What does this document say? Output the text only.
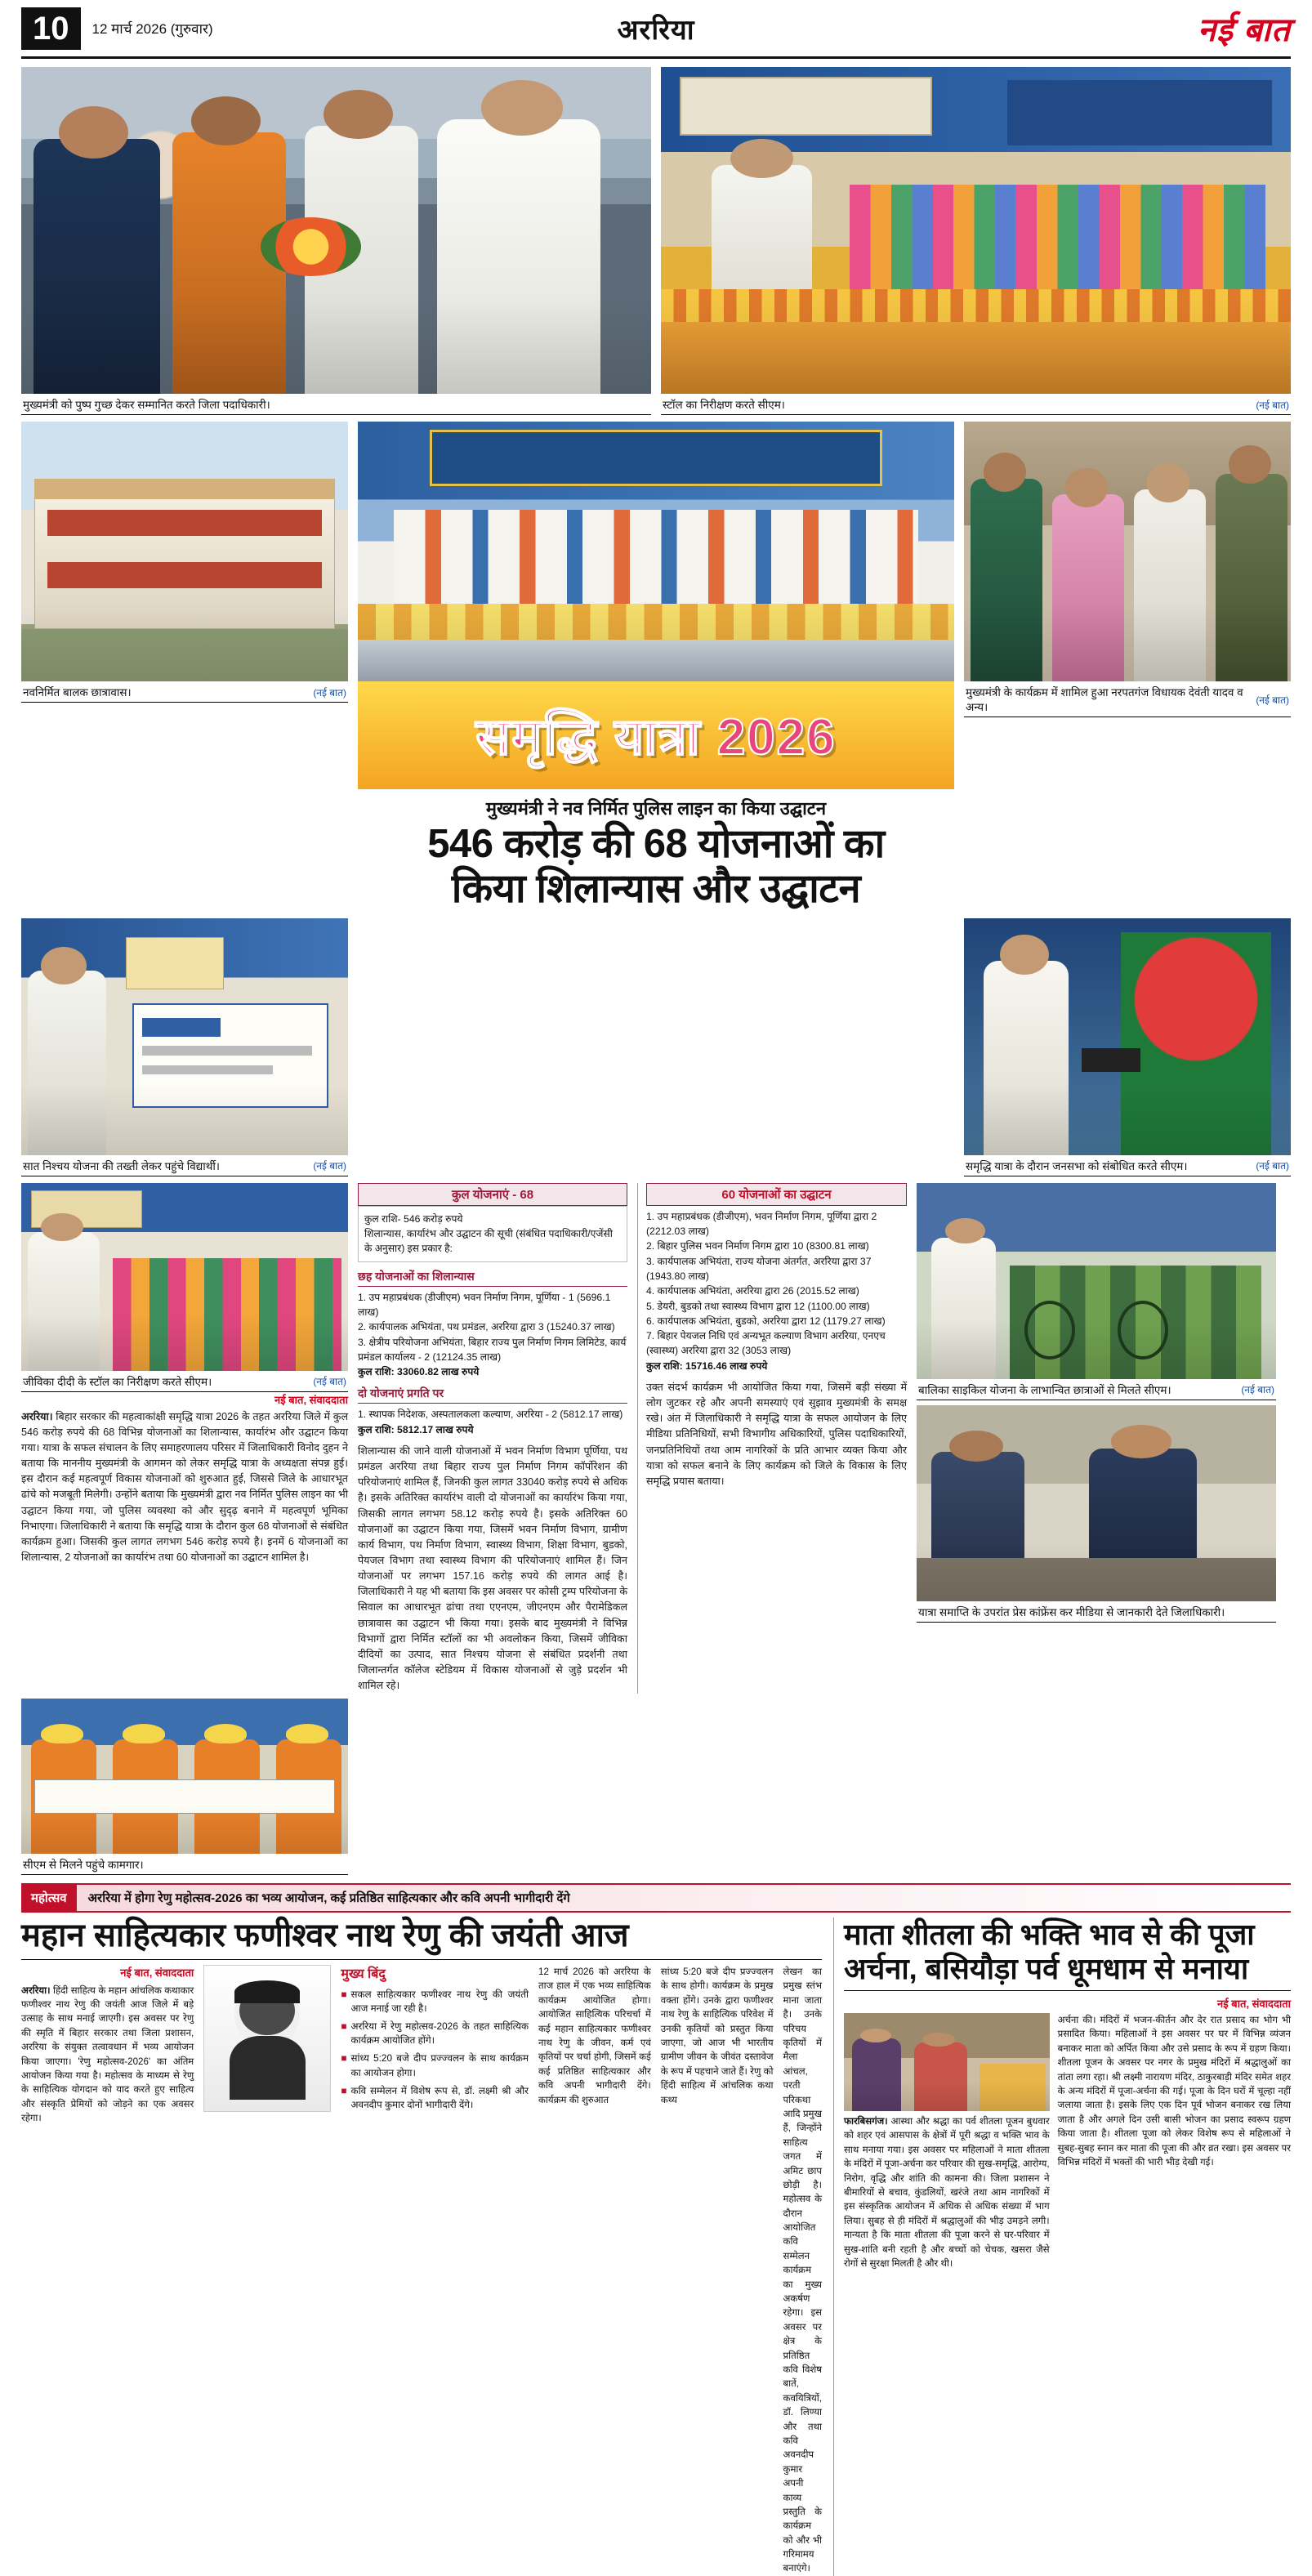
10	12 मार्च 2026 (गुरुवार)	अररिया	नई बात
मुख्यमंत्री को पुष्प गुच्छ देकर सम्मानित करते जिला पदाधिकारी।	स्टॉल का निरीक्षण करते सीएम।	(नई बात)
नवनिर्मित बालक छात्रावास।	(नई बात)
समृद्धि यात्रा 2026
मुख्यमंत्री ने नव निर्मित पुलिस लाइन का किया उद्घाटन
546 करोड़ की 68 योजनाओं का
किया शिलान्यास और उद्घाटन
मुख्यमंत्री के कार्यक्रम में शामिल हुआ नरपतगंज विधायक देवंती यादव व अन्य।
(नई बात)
सात निश्चय योजना की तख्ती लेकर पहुंचे विद्यार्थी।	(नई बात)	समृद्धि यात्रा के दौरान जनसभा को संबोधित करते सीएम।	(नई बात)
जीविका दीदी के स्टॉल का निरीक्षण करते सीएम।	(नई बात)
नई बात, संवाददाता
अररिया। बिहार सरकार की महत्वाकांक्षी समृद्धि यात्रा 2026 के तहत अररिया जिले में कुल 546 करोड़ रुपये की 68 विभिन्न योजनाओं का शिलान्यास, कार्यारंभ और उद्घाटन किया गया। यात्रा के सफल संचालन के लिए समाहरणालय परिसर में जिलाधिकारी विनोद दुहन ने बताया कि माननीय मुख्यमंत्री के आगमन को लेकर समृद्धि यात्रा के अध्यक्षता संपन्न हुई। इस दौरान कई महत्वपूर्ण विकास योजनाओं को शुरुआत हुई, जिससे जिले के आधारभूत ढांचे को मजबूती मिलेगी। उन्होंने बताया कि मुख्यमंत्री द्वारा नव निर्मित पुलिस लाइन का भी उद्घाटन किया गया, जो पुलिस व्यवस्था को और सुदृढ़ बनाने में महत्वपूर्ण भूमिका निभाएगा। जिलाधिकारी ने बताया कि समृद्धि यात्रा के दौरान कुल 68 योजनाओं से संबंधित कार्यक्रम हुआ। जिसकी कुल लागत लगभग 546 करोड़ रुपये है। इनमें 6 योजनाओं का शिलान्यास, 2 योजनाओं का कार्यारंभ तथा 60 योजनाओं का उद्घाटन शामिल है।
कुल योजनाएं - 68
कुल राशि- 546 करोड़ रुपये
शिलान्यास, कार्यारंभ और उद्घाटन की सूची (संबंधित पदाधिकारी/एजेंसी के अनुसार) इस प्रकार है:
छह योजनाओं का शिलान्यास
1. उप महाप्रबंधक (डीजीएम) भवन निर्माण निगम, पूर्णिया - 1 (5696.1 लाख)
2. कार्यपालक अभियंता, पथ प्रमंडल, अररिया द्वारा 3 (15240.37 लाख)
3. क्षेत्रीय परियोजना अभियंता, बिहार राज्य पुल निर्माण निगम लिमिटेड, कार्य प्रमंडल कार्यालय - 2 (12124.35 लाख)
कुल राशि: 33060.82 लाख रुपये
दो योजनाएं प्रगति पर
1. स्थापक निदेशक, अस्पतालकला कल्याण, अररिया - 2 (5812.17 लाख)
कुल राशि: 5812.17 लाख रुपये
शिलान्यास की जाने वाली योजनाओं में भवन निर्माण विभाग पूर्णिया, पथ प्रमंडल अररिया तथा बिहार राज्य पुल निर्माण निगम कॉर्पोरेशन की परियोजनाएं शामिल हैं, जिनकी कुल लागत 33040 करोड़ रुपये से अधिक है। इसके अतिरिक्त कार्यारंभ वाली दो योजनाओं का कार्यारंभ किया गया, जिसकी लागत लगभग 58.12 करोड़ रुपये है। इसके अतिरिक्त 60 योजनाओं का उद्घाटन किया गया, जिसमें भवन निर्माण विभाग, ग्रामीण कार्य विभाग, पथ निर्माण विभाग, स्वास्थ्य विभाग, शिक्षा विभाग, बुडको, पेयजल विभाग तथा स्वास्थ्य विभाग की परियोजनाएं शामिल हैं। जिन योजनाओं पर लगभग 157.16 करोड़ रुपये की लागत आई है। जिलाधिकारी ने यह भी बताया कि इस अवसर पर कोसी ट्रम्प परियोजना के सिवाल का आधारभूत ढांचा तथा एएनएम, जीएनएम और पैरामेडिकल छात्रावास का उद्घाटन भी किया गया। इसके बाद मुख्यमंत्री ने विभिन्न विभागों द्वारा निर्मित स्टॉलों का भी अवलोकन किया, जिसमें जीविका दीदियों का उत्पाद, सात निश्चय योजना से संबंधित प्रदर्शनी तथा जिलान्तर्गत कॉलेज स्टेडियम में विकास योजनाओं से जुड़े प्रदर्शन भी शामिल रहे।
60 योजनाओं का उद्घाटन
1. उप महाप्रबंधक (डीजीएम), भवन निर्माण निगम, पूर्णिया द्वारा 2 (2212.03 लाख)
2. बिहार पुलिस भवन निर्माण निगम द्वारा 10 (8300.81 लाख)
3. कार्यपालक अभियंता, राज्य योजना अंतर्गत, अररिया द्वारा 37 (1943.80 लाख)
4. कार्यपालक अभियंता, अररिया द्वारा 26 (2015.52 लाख)
5. डेयरी, बुडको तथा स्वास्थ्य विभाग द्वारा 12 (1100.00 लाख)
6. कार्यपालक अभियंता, बुडको, अररिया द्वारा 12 (1179.27 लाख)
7. बिहार पेयजल निधि एवं अन्यभूत कल्याण विभाग अररिया, एनएच (स्वास्थ्य) अररिया द्वारा 32 (3053 लाख)
कुल राशि: 15716.46 लाख रुपये
उक्त संदर्भ कार्यक्रम भी आयोजित किया गया, जिसमें बड़ी संख्या में लोग जुटकर रहे और अपनी समस्याएं एवं सुझाव मुख्यमंत्री के समक्ष रखे। अंत में जिलाधिकारी ने समृद्धि यात्रा के सफल आयोजन के लिए मीडिया प्रतिनिधियों, सभी विभागीय अधिकारियों, पुलिस पदाधिकारियों, जनप्रतिनिधियों तथा आम नागरिकों के प्रति आभार व्यक्त किया और यात्रा को सफल बनाने के लिए कार्यक्रम को जिले के विकास के लिए समृद्धि प्रयास बताया।
बालिका साइकिल योजना के लाभान्वित छात्राओं से मिलते सीएम।	(नई बात)
यात्रा समाप्ति के उपरांत प्रेस कांफ्रेंस कर मीडिया से जानकारी देते जिलाधिकारी।
सीएम से मिलने पहुंचे कामगार।
महोत्सव	अररिया में होगा रेणु महोत्सव-2026 का भव्य आयोजन, कई प्रतिष्ठित साहित्यकार और कवि अपनी भागीदारी देंगे
महान साहित्यकार फणीश्वर नाथ रेणु की जयंती आज
नई बात, संवाददाता
अररिया। हिंदी साहित्य के महान आंचलिक कथाकार फणीश्वर नाथ रेणु की जयंती आज जिले में बड़े उत्साह के साथ मनाई जाएगी। इस अवसर पर रेणु की स्मृति में बिहार सरकार तथा जिला प्रशासन, अररिया के संयुक्त तत्वावधान में भव्य आयोजन किया जाएगा। 'रेणु महोत्सव-2026' का अंतिम आयोजन किया गया है। महोत्सव के माध्यम से रेणु के साहित्यिक योगदान को याद करते हुए साहित्य और संस्कृति प्रेमियों को जोड़ने का एक अवसर रहेगा।
मुख्य बिंदु
■ सकल साहित्यकार फणीश्वर नाथ रेणु की जयंती आज मनाई जा रही है।
■ अररिया में रेणु महोत्सव-2026 के तहत साहित्यिक कार्यक्रम आयोजित होंगे।
■ सांध्य 5:20 बजे दीप प्रज्ज्वलन के साथ कार्यक्रम का आयोजन होगा।
■ कवि सम्मेलन में विशेष रूप से, डॉ. लक्ष्मी श्री और अवनदीप कुमार दोनों भागीदारी देंगे।
12 मार्च 2026 को अररिया के ताज हाल में एक भव्य साहित्यिक कार्यक्रम आयोजित होगा। आयोजित साहित्यिक परिचर्चा में कई महान साहित्यकार फणीश्वर नाथ रेणु के जीवन, कर्म एवं कृतियों पर चर्चा होगी, जिसमें कई कई प्रतिष्ठित साहित्यकार और कवि अपनी भागीदारी देंगे। कार्यक्रम की शुरुआत
सांध्य 5:20 बजे दीप प्रज्ज्वलन के साथ होगी। कार्यक्रम के प्रमुख वक्ता होंगे। उनके द्वारा फणीश्वर नाथ रेणु के साहित्यिक परिवेश में उनकी कृतियों को प्रस्तुत किया जाएगा, जो आज भी भारतीय ग्रामीण जीवन के जीवंत दस्तावेज के रूप में पहचाने जाते हैं। रेणु को हिंदी साहित्य में आंचलिक कथा कथ्य
लेखन का प्रमुख स्तंभ माना जाता है। उनके परिचय कृतियों में मैला आंचल, परती परिकथा आदि प्रमुख हैं, जिन्होंने साहित्य जगत में अमिट छाप छोड़ी है। महोत्सव के दौरान आयोजित कवि सम्मेलन कार्यक्रम का मुख्य अकर्षण रहेगा। इस अवसर पर क्षेत्र के प्रतिष्ठित कवि विशेष बातें, कवयित्रियों, डॉ. लिण्या और तथा कवि अवनदीप कुमार अपनी काव्य प्रस्तुति के कार्यक्रम को और भी गरिमामय बनाएंगे।
माता शीतला की भक्ति भाव से की पूजा
अर्चना, बसियौड़ा पर्व धूमधाम से मनाया
नई बात, संवाददाता
फारबिसगंज। आस्था और श्रद्धा का पर्व शीतला पूजन बुधवार को शहर एवं आसपास के क्षेत्रों में पूरी श्रद्धा व भक्ति भाव के साथ मनाया गया। इस अवसर पर महिलाओं ने माता शीतला के मंदिरों में पूजा-अर्चना कर परिवार की सुख-समृद्धि, आरोग्य, निरोग, वृद्धि और शांति की कामना की। जिला प्रशासन ने बीमारियों से बचाव, कुंडलियों, खरंजे तथा आम नागरिकों में इस संस्कृतिक आयोजन में अधिक से अधिक संख्या में भाग लिया। सुबह से ही मंदिरों में श्रद्धालुओं की भीड़ उमड़ने लगी। मान्यता है कि माता शीतला की पूजा करने से घर-परिवार में सुख-शांति बनी रहती है और बच्चों को चेचक, खसरा जैसे रोगों से सुरक्षा मिलती है और थी।
अर्चना की। मंदिरों में भजन-कीर्तन और देर रात प्रसाद का भोग भी प्रसादित किया। महिलाओं ने इस अवसर पर घर में विभिन्न व्यंजन बनाकर माता को अर्पित किया और उसे प्रसाद के रूप में ग्रहण किया। शीतला पूजन के अवसर पर नगर के प्रमुख मंदिरों में श्रद्धालुओं का तांता लगा रहा। श्री लक्ष्मी नारायण मंदिर, ठाकुरबाड़ी मंदिर समेत शहर के अन्य मंदिरों में पूजा-अर्चना की गई। पूजा के दिन घरों में चूल्हा नहीं जलाया जाता है। इसके लिए एक दिन पूर्व भोजन बनाकर रख लिया जाता है और अगले दिन उसी बासी भोजन का प्रसाद स्वरूप ग्रहण किया जाता है। शीतला पूजा को लेकर विशेष रूप से महिलाओं ने सुबह-सुबह स्नान कर माता की पूजा की और व्रत रखा। इस अवसर पर विभिन्न मंदिरों में भक्तों की भारी भीड़ देखी गई।
